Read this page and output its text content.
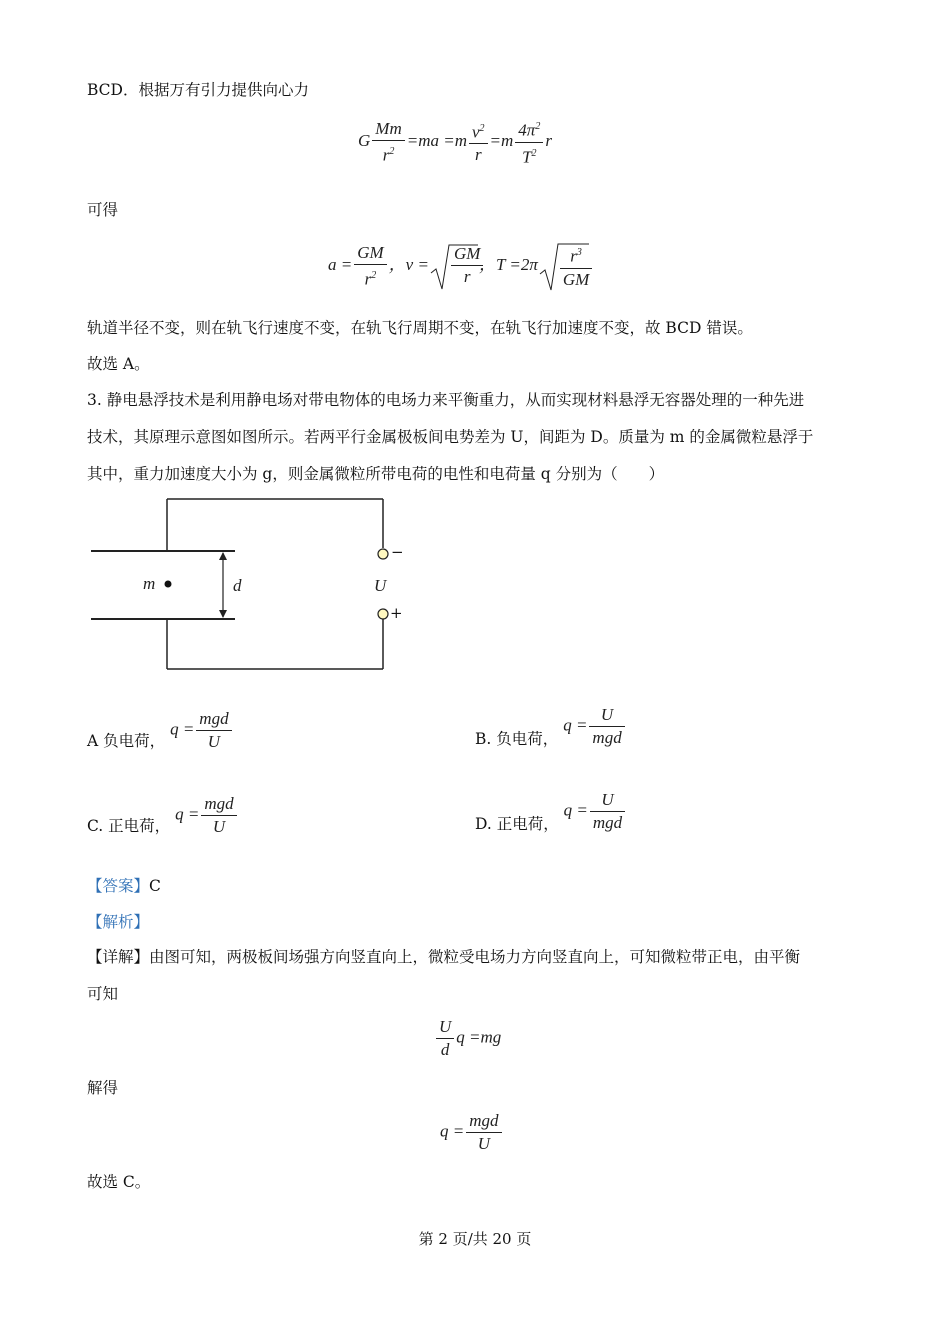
BCD．根据万有引力提供向心力
G $\frac{Mm}{r^2} =ma =m \frac{v^2}{r} =m \frac{4\pi^2}{T^2}$ r
可得
$a = \frac{GM}{r^2}$ ，$v = \frac{GM}{r}$
，$T =2\pi \frac{r^3}{GM}$
轨道半径不变，则在轨飞行速度不变，在轨飞行周期不变，在轨飞行加速度不变，故 BCD 错误。
故选 A。
3. 静电悬浮技术是利用静电场对带电物体的电场力来平衡重力，从而实现材料悬浮无容器处理的一种先进
技术，其原理示意图如图所示。若两平行金属极板间电势差为 U，间距为 D。质量为 m 的金属微粒悬浮于
其中，重力加速度大小为 g，则金属微粒所带电荷的电性和电荷量 q 分别为（　　）
m	d	U
−
+
A 负电荷， $q = \frac{\text{mgd}}{U}$	B. 负电荷， $q = \frac{U}{\text{mgd}}$
C. 正电荷， $q = \frac{\text{mgd}}{U}$	D. 正电荷， $q = \frac{U}{\text{mgd}}$
【答案】C
【解析】
【详解】由图可知，两极板间场强方向竖直向上，微粒受电场力方向竖直向上，可知微粒带正电，由平衡
可知
$\frac{U}{d}$ q =mg
解得
$q = \frac{\text{mgd}}{U}$
故选 C。
第 2 页/共 20 页
